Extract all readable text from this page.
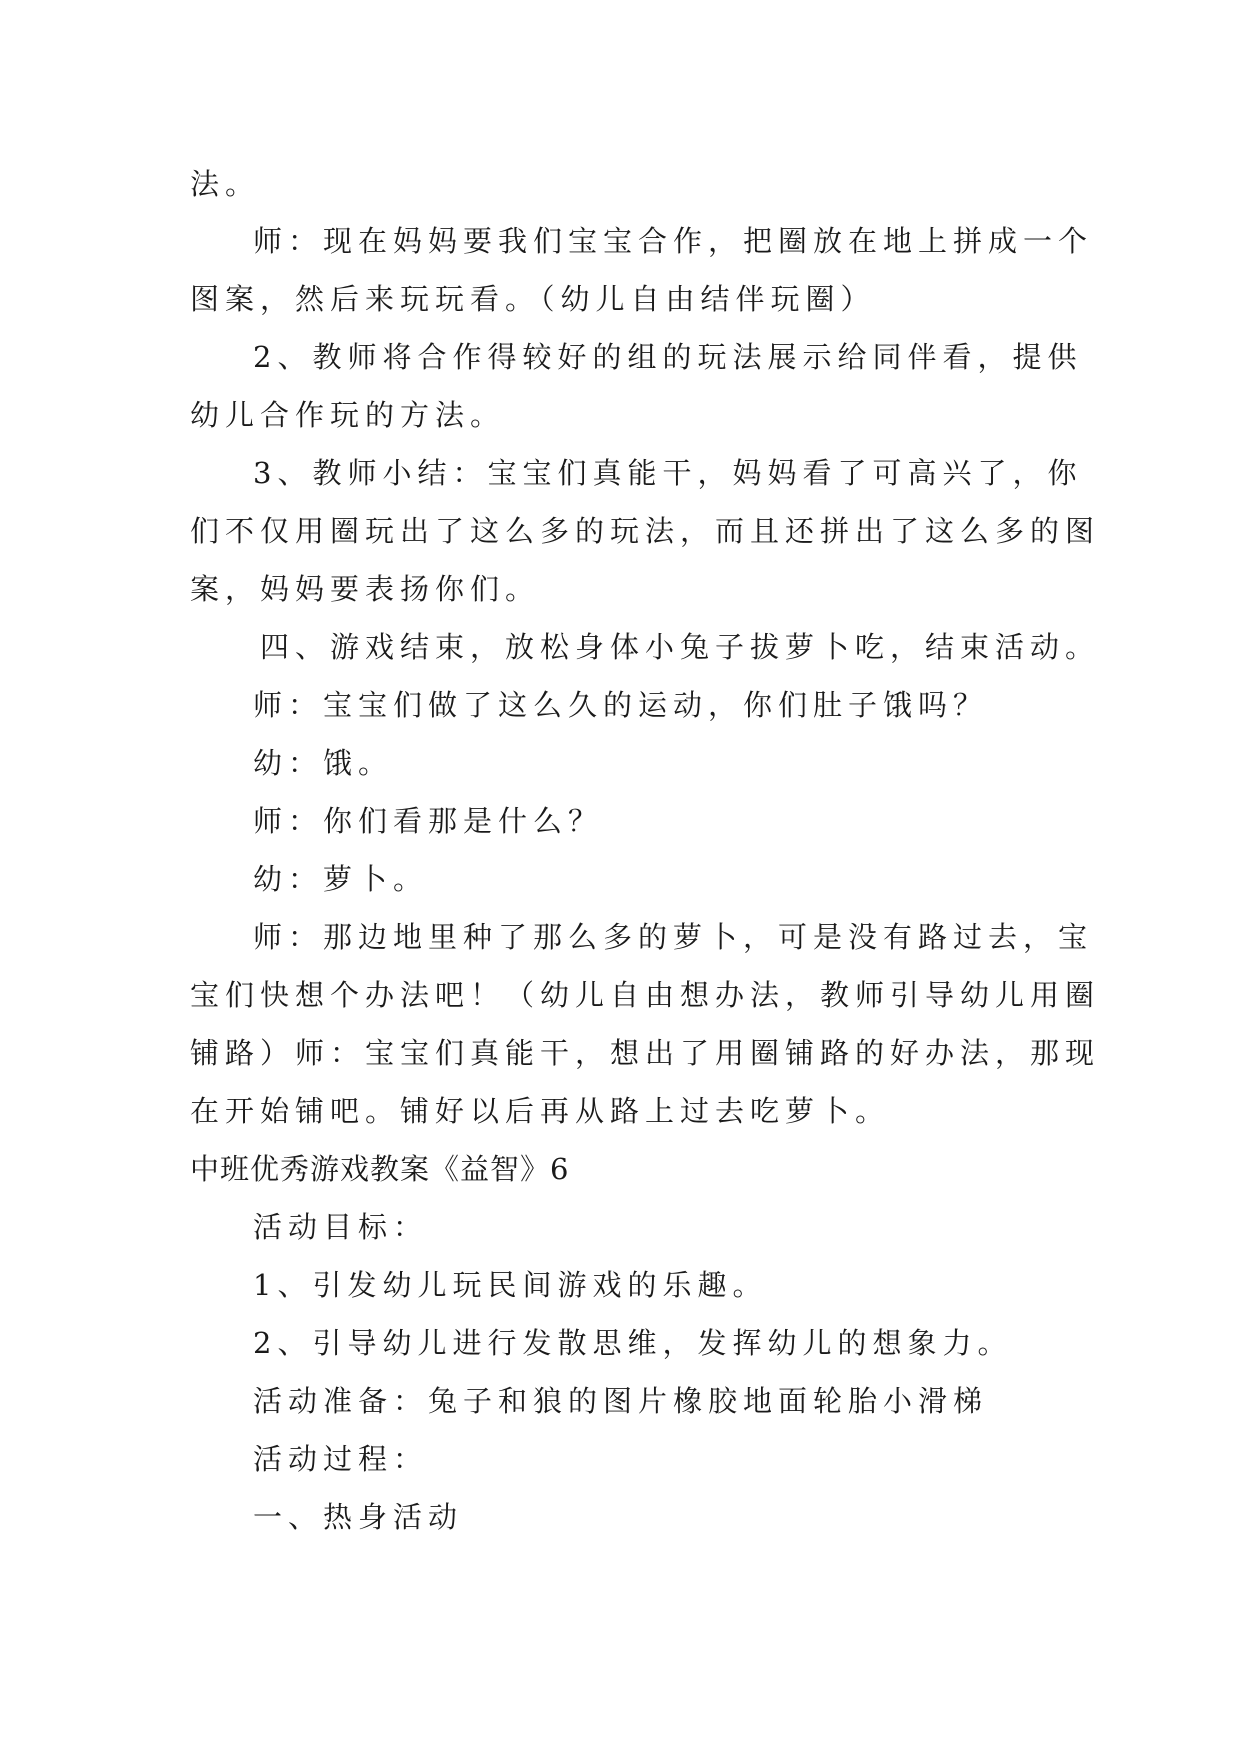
法。
师：现在妈妈要我们宝宝合作，把圈放在地上拼成一个
图案，然后来玩玩看。（幼儿自由结伴玩圈）
2、教师将合作得较好的组的玩法展示给同伴看，提供
幼儿合作玩的方法。
3、教师小结：宝宝们真能干，妈妈看了可高兴了，你
们不仅用圈玩出了这么多的玩法，而且还拼出了这么多的图
案，妈妈要表扬你们。
四、游戏结束，放松身体小兔子拔萝卜吃，结束活动。
师：宝宝们做了这么久的运动，你们肚子饿吗？
幼：饿。
师：你们看那是什么？
幼：萝卜。
师：那边地里种了那么多的萝卜，可是没有路过去，宝
宝们快想个办法吧！（幼儿自由想办法，教师引导幼儿用圈
铺路）师：宝宝们真能干，想出了用圈铺路的好办法，那现
在开始铺吧。铺好以后再从路上过去吃萝卜。
中班优秀游戏教案《益智》6
活动目标：
1、引发幼儿玩民间游戏的乐趣。
2、引导幼儿进行发散思维，发挥幼儿的想象力。
活动准备：兔子和狼的图片橡胶地面轮胎小滑梯
活动过程：
一、热身活动
